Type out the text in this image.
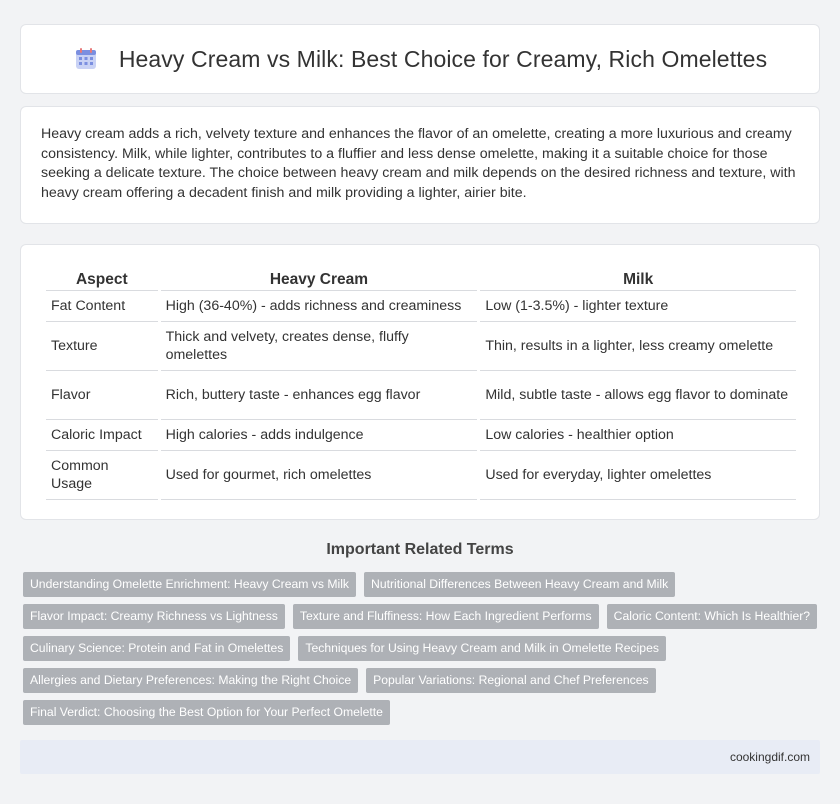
Heavy Cream vs Milk: Best Choice for Creamy, Rich Omelettes

Heavy cream adds a rich, velvety texture and enhances the flavor of an omelette, creating a more luxurious and creamy consistency. Milk, while lighter, contributes to a fluffier and less dense omelette, making it a suitable choice for those seeking a delicate texture. The choice between heavy cream and milk depends on the desired richness and texture, with heavy cream offering a decadent finish and milk providing a lighter, airier bite.

Aspect	Heavy Cream	Milk
Fat Content	High (36-40%) - adds richness and creaminess	Low (1-3.5%) - lighter texture
Texture	Thick and velvety, creates dense, fluffy omelettes	Thin, results in a lighter, less creamy omelette
Flavor	Rich, buttery taste - enhances egg flavor	Mild, subtle taste - allows egg flavor to dominate
Caloric Impact	High calories - adds indulgence	Low calories - healthier option
Common Usage	Used for gourmet, rich omelettes	Used for everyday, lighter omelettes
Important Related Terms
Understanding Omelette Enrichment: Heavy Cream vs Milk	Nutritional Differences Between Heavy Cream and Milk
Flavor Impact: Creamy Richness vs Lightness	Texture and Fluffiness: How Each Ingredient Performs	Caloric Content: Which Is Healthier?
Culinary Science: Protein and Fat in Omelettes	Techniques for Using Heavy Cream and Milk in Omelette Recipes
Allergies and Dietary Preferences: Making the Right Choice	Popular Variations: Regional and Chef Preferences
Final Verdict: Choosing the Best Option for Your Perfect Omelette
cookingdif.com
